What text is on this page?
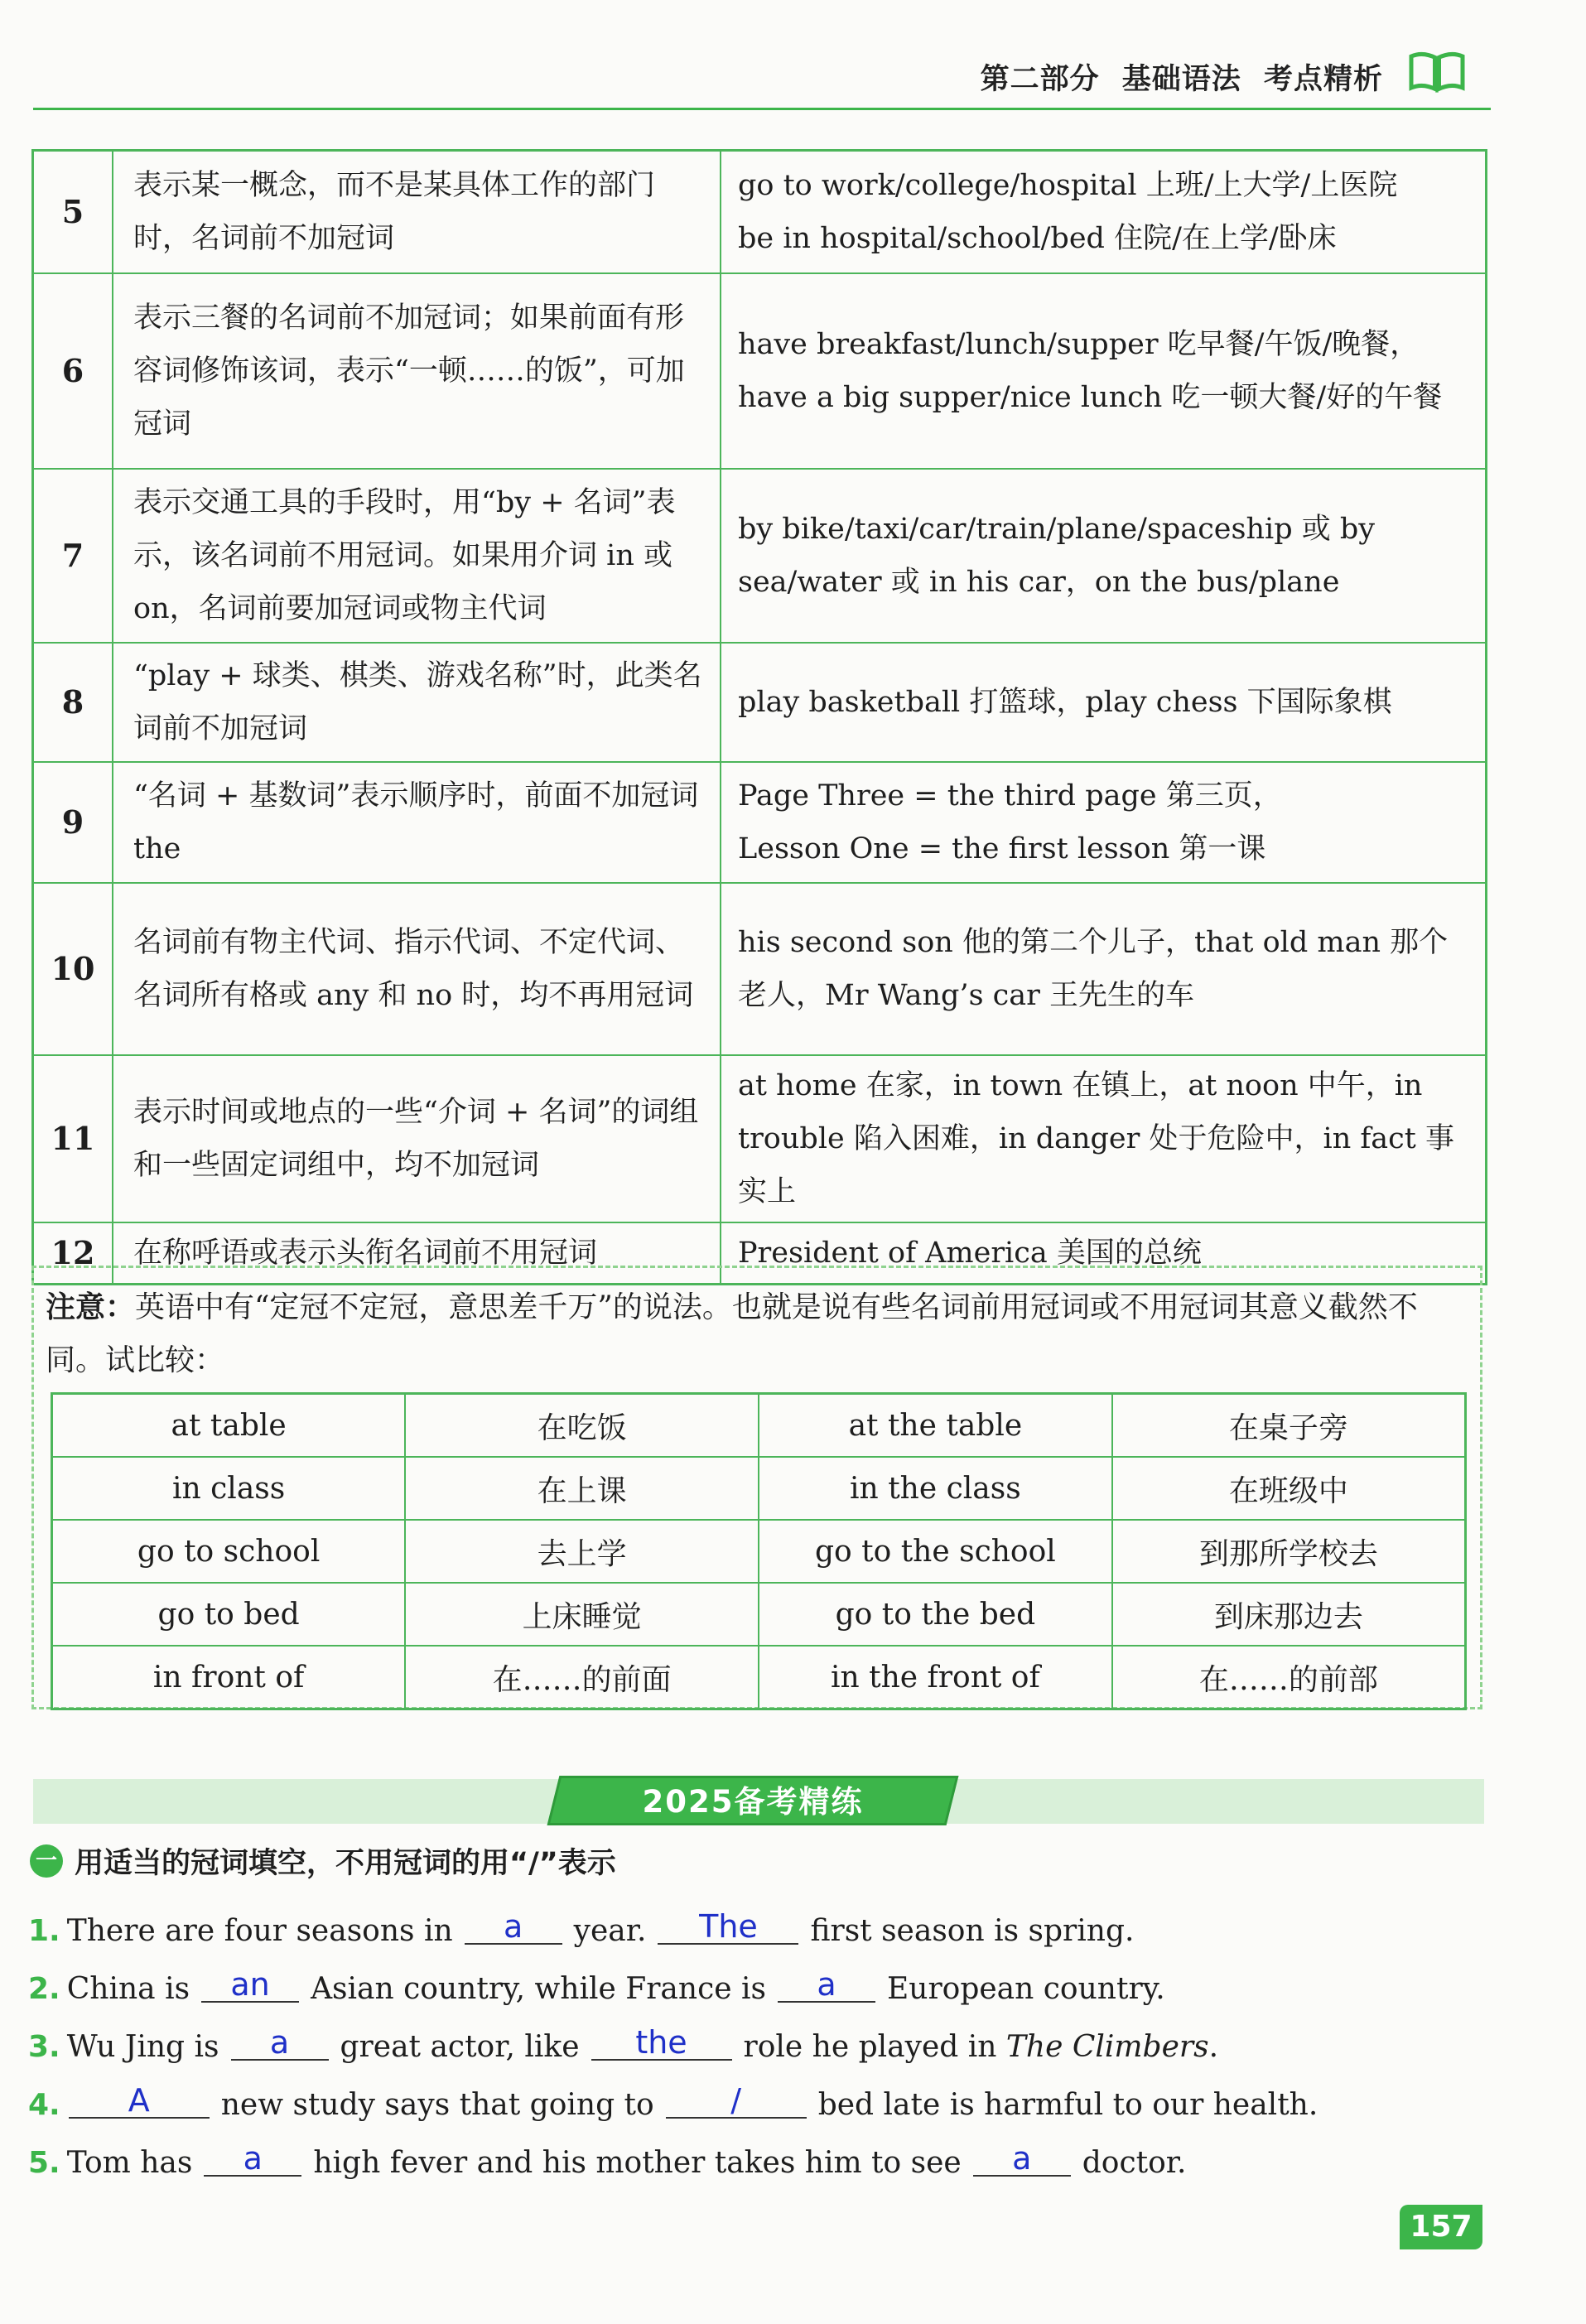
第二部分 基础语法 考点精析
5	表示某一概念，而不是某具体工作的部门时，名词前不加冠词	go to work/college/hospital 上班/上大学/上医院
be in hospital/school/bed 住院/在上学/卧床

6	表示三餐的名词前不加冠词；如果前面有形容词修饰该词，表示“一顿……的饭”，可加冠词	have breakfast/lunch/supper 吃早餐/午饭/晚餐，have a big supper/nice lunch 吃一顿大餐/好的午餐
7	表示交通工具的手段时，用“by + 名词”表示，该名词前不用冠词。如果用介词 in 或 on，名词前要加冠词或物主代词	by bike/taxi/car/train/plane/spaceship 或 by sea/water 或 in his car，on the bus/plane
8	“play + 球类、棋类、游戏名称”时，此类名词前不加冠词	play basketball 打篮球，play chess 下国际象棋
9	“名词 + 基数词”表示顺序时，前面不加冠词 the	Page Three = the third page 第三页，
Lesson One = the first lesson 第一课

10	名词前有物主代词、指示代词、不定代词、名词所有格或 any 和 no 时，均不再用冠词	his second son 他的第二个儿子，that old man 那个老人，Mr Wang’s car 王先生的车
11	表示时间或地点的一些“介词 + 名词”的词组和一些固定词组中，均不加冠词	at home 在家，in town 在镇上，at noon 中午，in trouble 陷入困难，in danger 处于危险中，in fact 事实上
12	在称呼语或表示头衔名词前不用冠词	President of America 美国的总统
注意：英语中有“定冠不定冠，意思差千万”的说法。也就是说有些名词前用冠词或不用冠词其意义截然不同。试比较：
at table	在吃饭	at the table	在桌子旁
in class	在上课	in the class	在班级中
go to school	去上学	go to the school	到那所学校去
go to bed	上床睡觉	go to the bed	到床那边去
in front of	在……的前面	in the front of	在……的前部
2025备考精练
一 用适当的冠词填空，不用冠词的用“/”表示
1. There are four seasons in a year. The first season is spring.
2. China is an Asian country, while France is a European country.
3. Wu Jing is a great actor, like the role he played in The Climbers.
4. A new study says that going to /	bed late is harmful to our health.
5. Tom has a high fever and his mother takes him to see a doctor.
157
